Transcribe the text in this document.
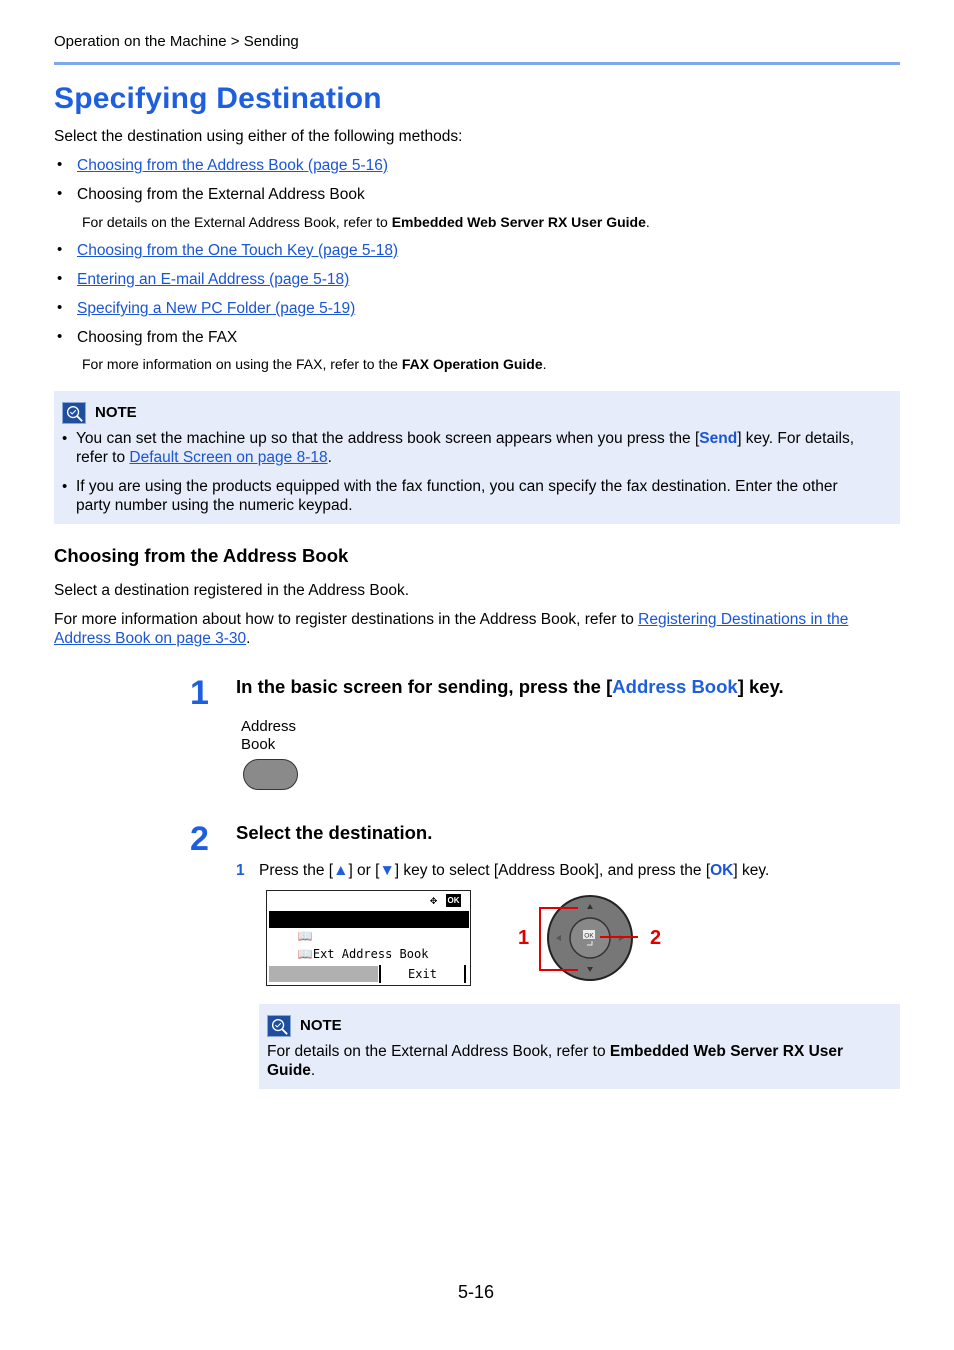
Operation on the Machine > Sending
Specifying Destination
Select the destination using either of the following methods:
• Choosing from the Address Book (page 5-16)
• Choosing from the External Address Book
For details on the External Address Book, refer to Embedded Web Server RX User Guide.
• Choosing from the One Touch Key (page 5-18)
• Entering an E-mail Address (page 5-18)
• Specifying a New PC Folder (page 5-19)
• Choosing from the FAX
For more information on using the FAX, refer to the FAX Operation Guide.
NOTE
• You can set the machine up so that the address book screen appears when you press the [Send] key. For details,
refer to Default Screen on page 8-18.
• If you are using the products equipped with the fax function, you can specify the fax destination. Enter the other
party number using the numeric keypad.
Choosing from the Address Book
Select a destination registered in the Address Book.
For more information about how to register destinations in the Address Book, refer to Registering Destinations in the
Address Book on page 3-30.
1 In the basic screen for sending, press the [Address Book] key.
Address
Book
2 Select the destination.
1 Press the [▲] or [▼] key to select [Address Book], and press the [OK] key.

✥

OK

📖Address Book

📖Ext Address Book

Exit
OK
1	2
NOTE
For details on the External Address Book, refer to Embedded Web Server RX User
Guide.
5-16
